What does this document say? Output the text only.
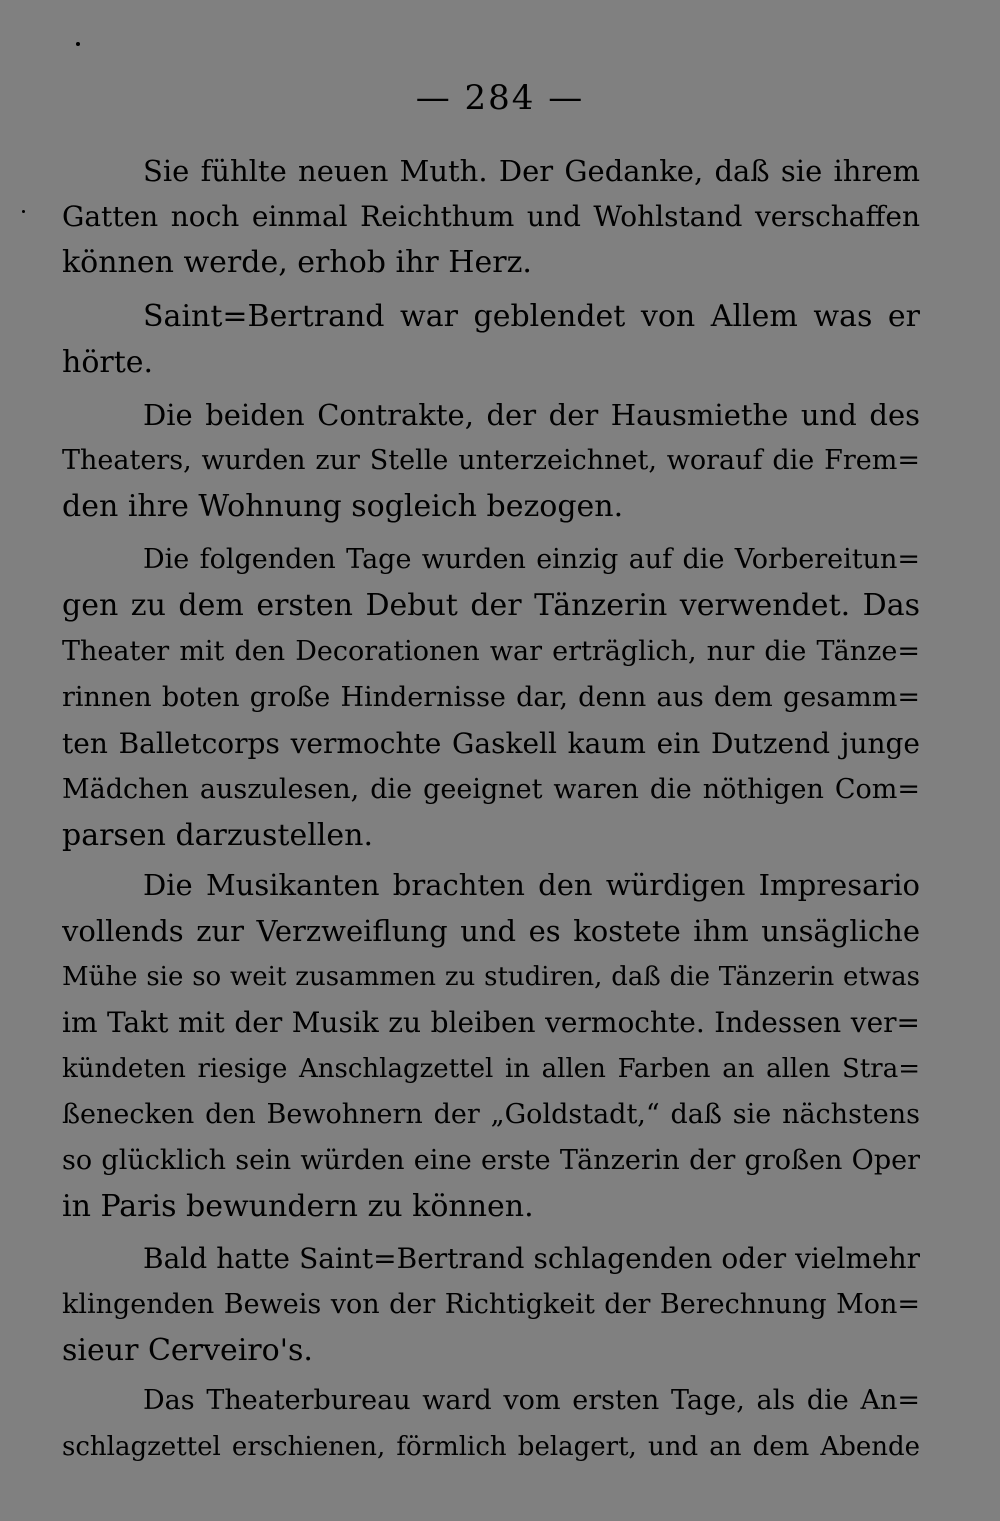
— 284 —
Sie fühlte neuen Muth. Der Gedanke, daß sie ihrem
Gatten noch einmal Reichthum und Wohlstand verschaffen
können werde, erhob ihr Herz.
Saint=Bertrand war geblendet von Allem was er
hörte.
Die beiden Contrakte, der der Hausmiethe und des
Theaters, wurden zur Stelle unterzeichnet, worauf die Frem=
den ihre Wohnung sogleich bezogen.
Die folgenden Tage wurden einzig auf die Vorbereitun=
gen zu dem ersten Debut der Tänzerin verwendet. Das
Theater mit den Decorationen war erträglich, nur die Tänze=
rinnen boten große Hindernisse dar, denn aus dem gesamm=
ten Balletcorps vermochte Gaskell kaum ein Dutzend junge
Mädchen auszulesen, die geeignet waren die nöthigen Com=
parsen darzustellen.
Die Musikanten brachten den würdigen Impresario
vollends zur Verzweiflung und es kostete ihm unsägliche
Mühe sie so weit zusammen zu studiren, daß die Tänzerin etwas
im Takt mit der Musik zu bleiben vermochte. Indessen ver=
kündeten riesige Anschlagzettel in allen Farben an allen Stra=
ßenecken den Bewohnern der „Goldstadt,“ daß sie nächstens
so glücklich sein würden eine erste Tänzerin der großen Oper
in Paris bewundern zu können.
Bald hatte Saint=Bertrand schlagenden oder vielmehr
klingenden Beweis von der Richtigkeit der Berechnung Mon=
sieur Cerveiro's.
Das Theaterbureau ward vom ersten Tage, als die An=
schlagzettel erschienen, förmlich belagert, und an dem Abende
